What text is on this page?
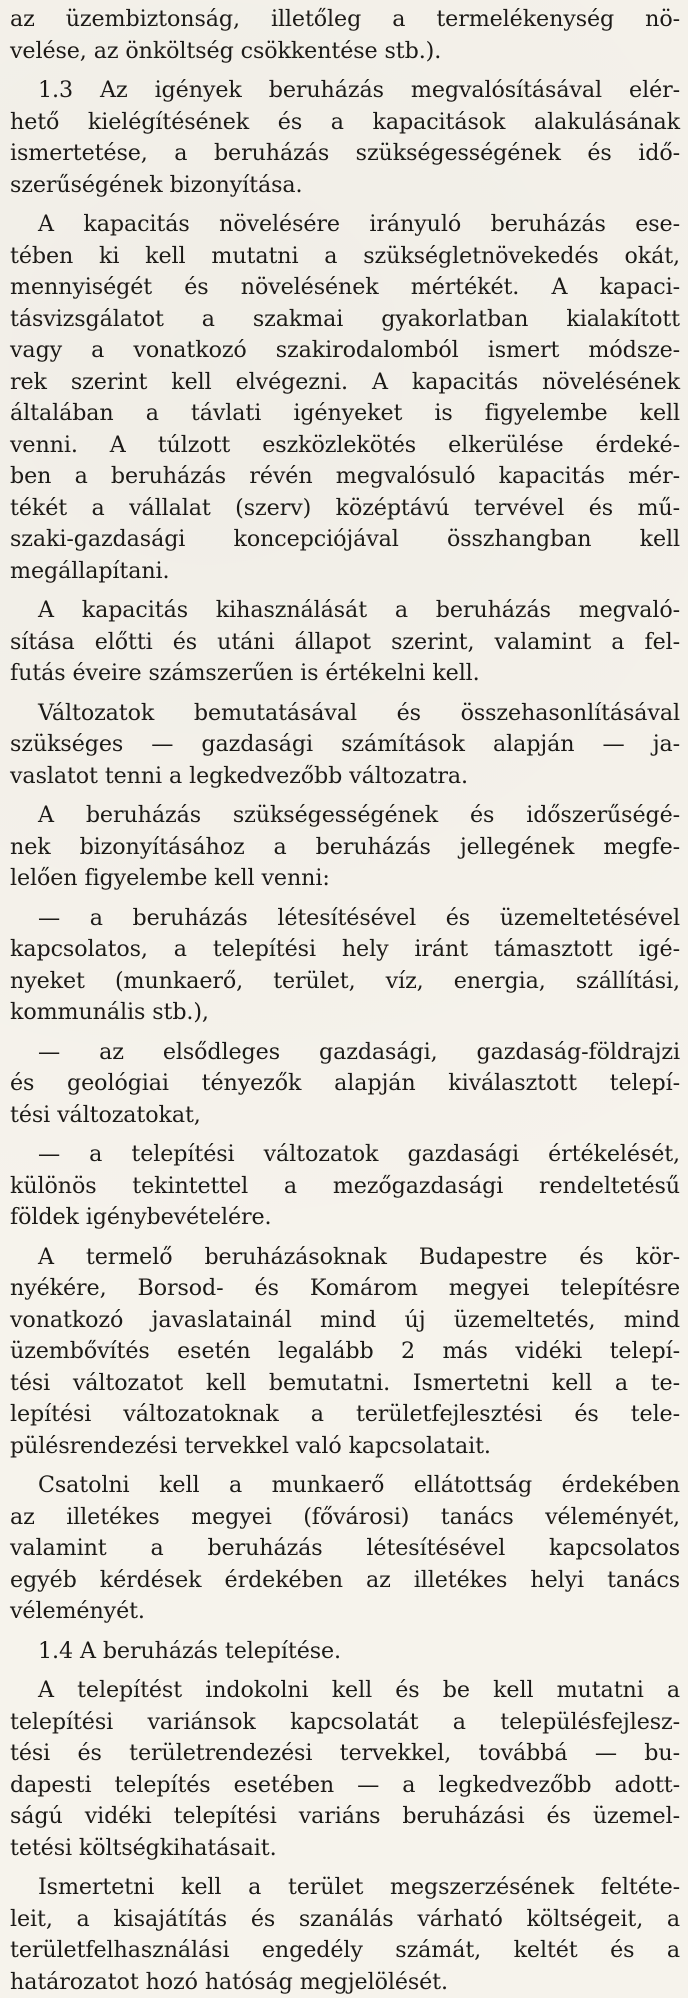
az üzembiztonság, illetőleg a termelékenység nö-
velése, az önköltség csökkentése stb.).

1.3 Az igények beruházás megvalósításával elér-
hető kielégítésének és a kapacitások alakulásának
ismertetése, a beruházás szükségességének és idő-
szerűségének bizonyítása.

A kapacitás növelésére irányuló beruházás ese-
tében ki kell mutatni a szükségletnövekedés okát,
mennyiségét és növelésének mértékét. A kapaci-
tásvizsgálatot a szakmai gyakorlatban kialakított
vagy a vonatkozó szakirodalomból ismert módsze-
rek szerint kell elvégezni. A kapacitás növelésének
általában a távlati igényeket is figyelembe kell
venni. A túlzott eszközlekötés elkerülése érdeké-
ben a beruházás révén megvalósuló kapacitás mér-
tékét a vállalat (szerv) középtávú tervével és mű-
szaki-gazdasági koncepciójával összhangban kell
megállapítani.

A kapacitás kihasználását a beruházás megvaló-
sítása előtti és utáni állapot szerint, valamint a fel-
futás éveire számszerűen is értékelni kell.

Változatok bemutatásával és összehasonlításával
szükséges — gazdasági számítások alapján — ja-
vaslatot tenni a legkedvezőbb változatra.

A beruházás szükségességének és időszerűségé-
nek bizonyításához a beruházás jellegének megfe-
lelően figyelembe kell venni:

— a beruházás létesítésével és üzemeltetésével
kapcsolatos, a telepítési hely iránt támasztott igé-
nyeket (munkaerő, terület, víz, energia, szállítási,
kommunális stb.),

— az elsődleges gazdasági, gazdaság-földrajzi
és geológiai tényezők alapján kiválasztott telepí-
tési változatokat,

— a telepítési változatok gazdasági értékelését,
különös tekintettel a mezőgazdasági rendeltetésű
földek igénybevételére.

A termelő beruházásoknak Budapestre és kör-
nyékére, Borsod- és Komárom megyei telepítésre
vonatkozó javaslatainál mind új üzemeltetés, mind
üzembővítés esetén legalább 2 más vidéki telepí-
tési változatot kell bemutatni. Ismertetni kell a te-
lepítési változatoknak a területfejlesztési és tele-
pülésrendezési tervekkel való kapcsolatait.

Csatolni kell a munkaerő ellátottság érdekében
az illetékes megyei (fővárosi) tanács véleményét,
valamint a beruházás létesítésével kapcsolatos
egyéb kérdések érdekében az illetékes helyi tanács
véleményét.

1.4 A beruházás telepítése.

A telepítést indokolni kell és be kell mutatni a
telepítési variánsok kapcsolatát a településfejlesz-
tési és területrendezési tervekkel, továbbá — bu-
dapesti telepítés esetében — a legkedvezőbb adott-
ságú vidéki telepítési variáns beruházási és üzemel-
tetési költségkihatásait.

Ismertetni kell a terület megszerzésének feltéte-
leit, a kisajátítás és szanálás várható költségeit, a
területfelhasználási engedély számát, keltét és a
határozatot hozó hatóság megjelölését.
